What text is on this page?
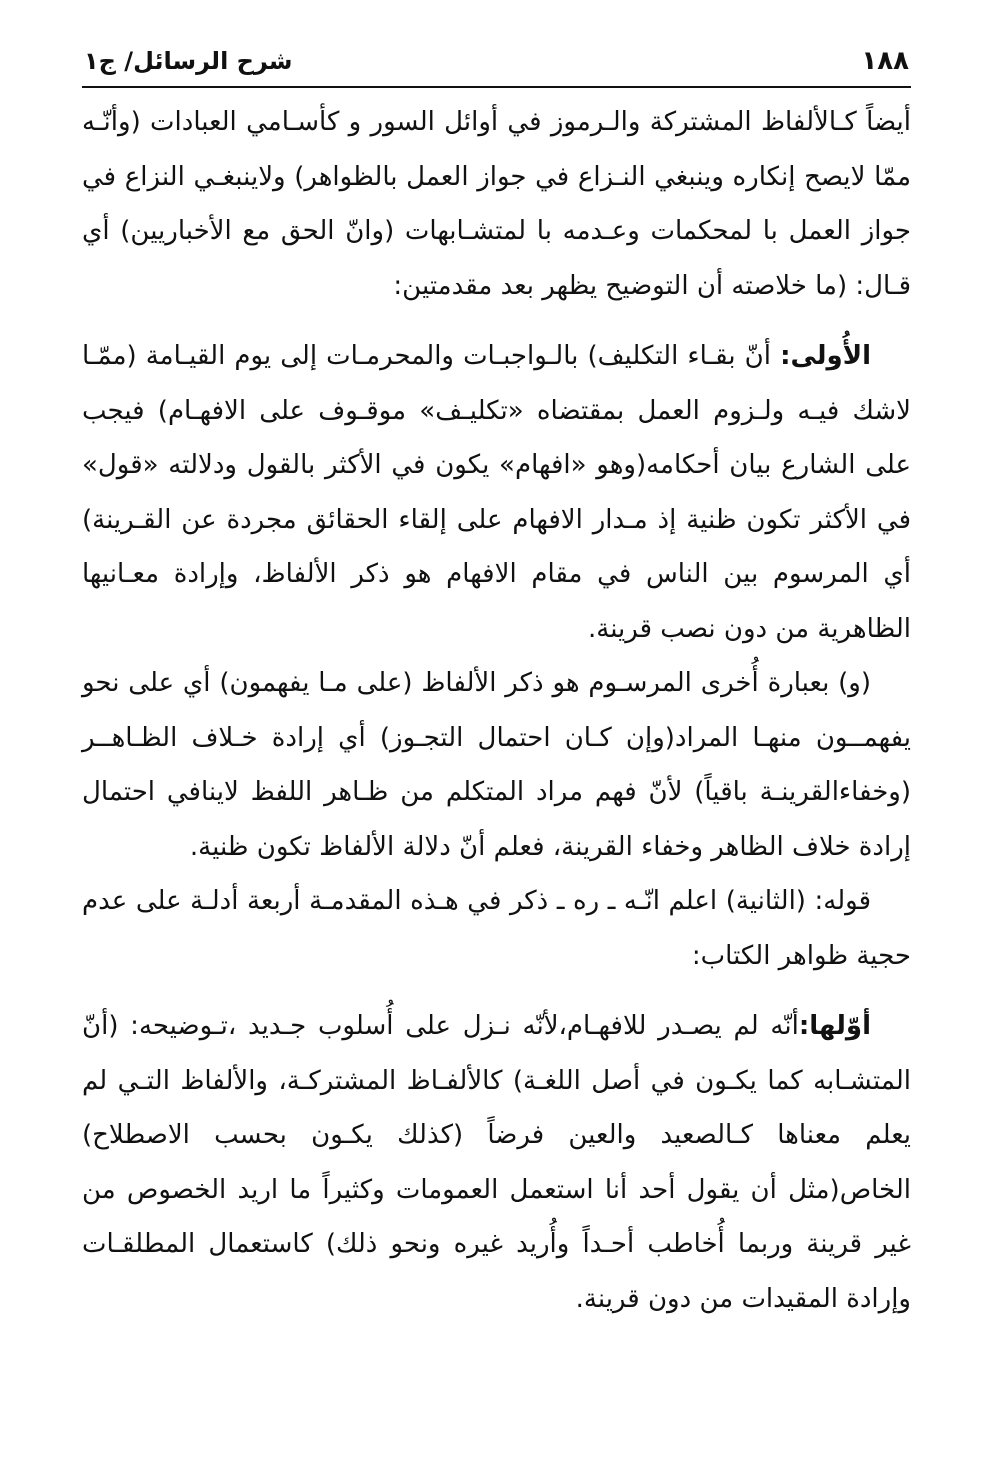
١٨٨
شرح الرسائل/ ج١

أيضاً كـالألفاظ المشتركة والـرموز في أوائل السور و كأسـامي العبادات (وأنّـه ممّا لايصح إنكاره وينبغي النـزاع في جواز العمل بالظواهر) ولاينبغـي النزاع في جواز العمل با لمحكمات وعـدمه با لمتشـابهات (وانّ الحق مع الأخباريين) أي قـال: (ما خلاصته أن التوضيح يظهر بعد مقدمتين:

الأُولى: أنّ بقـاء التكليف) بالـواجبـات والمحرمـات إلى يوم القيـامة (ممّـا لاشك فيـه ولـزوم العمل بمقتضاه «تكليـف» موقـوف على الافهـام) فيجب على الشارع بيان أحكامه(وهو «افهام» يكون في الأكثر بالقول ودلالته «قول» في الأكثر تكون ظنية إذ مـدار الافهام على إلقاء الحقائق مجردة عن القـرينة) أي المرسوم بين الناس في مقام الافهام هو ذكر الألفاظ، وإرادة معـانيها الظاهرية من دون نصب قرينة.

(و) بعبارة أُخرى المرسـوم هو ذكر الألفاظ (على مـا يفهمون) أي على نحو يفهمــون منهـا المراد(وإن كـان احتمال التجـوز) أي إرادة خـلاف الظـاهــر (وخفاءالقرينـة باقياً) لأنّ فهم مراد المتكلم من ظـاهر اللفظ لاينافي احتمال إرادة خلاف الظاهر وخفاء القرينة، فعلم أنّ دلالة الألفاظ تكون ظنية.

قوله: (الثانية) اعلم انّـه ـ ره ـ ذكر في هـذه المقدمـة أربعة أدلـة على عدم حجية ظواهر الكتاب:

أوّلها:أنّه لم يصـدر للافهـام،لأنّه نـزل على أُسلوب جـديد ،تـوضيحه: (أنّ المتشـابه كما يكـون في أصل اللغـة) كالألفـاظ المشتركـة، والألفاظ التـي لم يعلم معناها كـالصعيد والعين فرضاً (كذلك يكـون بحسب الاصطلاح) الخاص(مثل أن يقول أحد أنا استعمل العمومات وكثيراً ما اريد الخصوص من غير قرينة وربما أُخاطب أحـداً وأُريد غيره ونحو ذلك) كاستعمال المطلقـات وإرادة المقيدات من دون قرينة.
